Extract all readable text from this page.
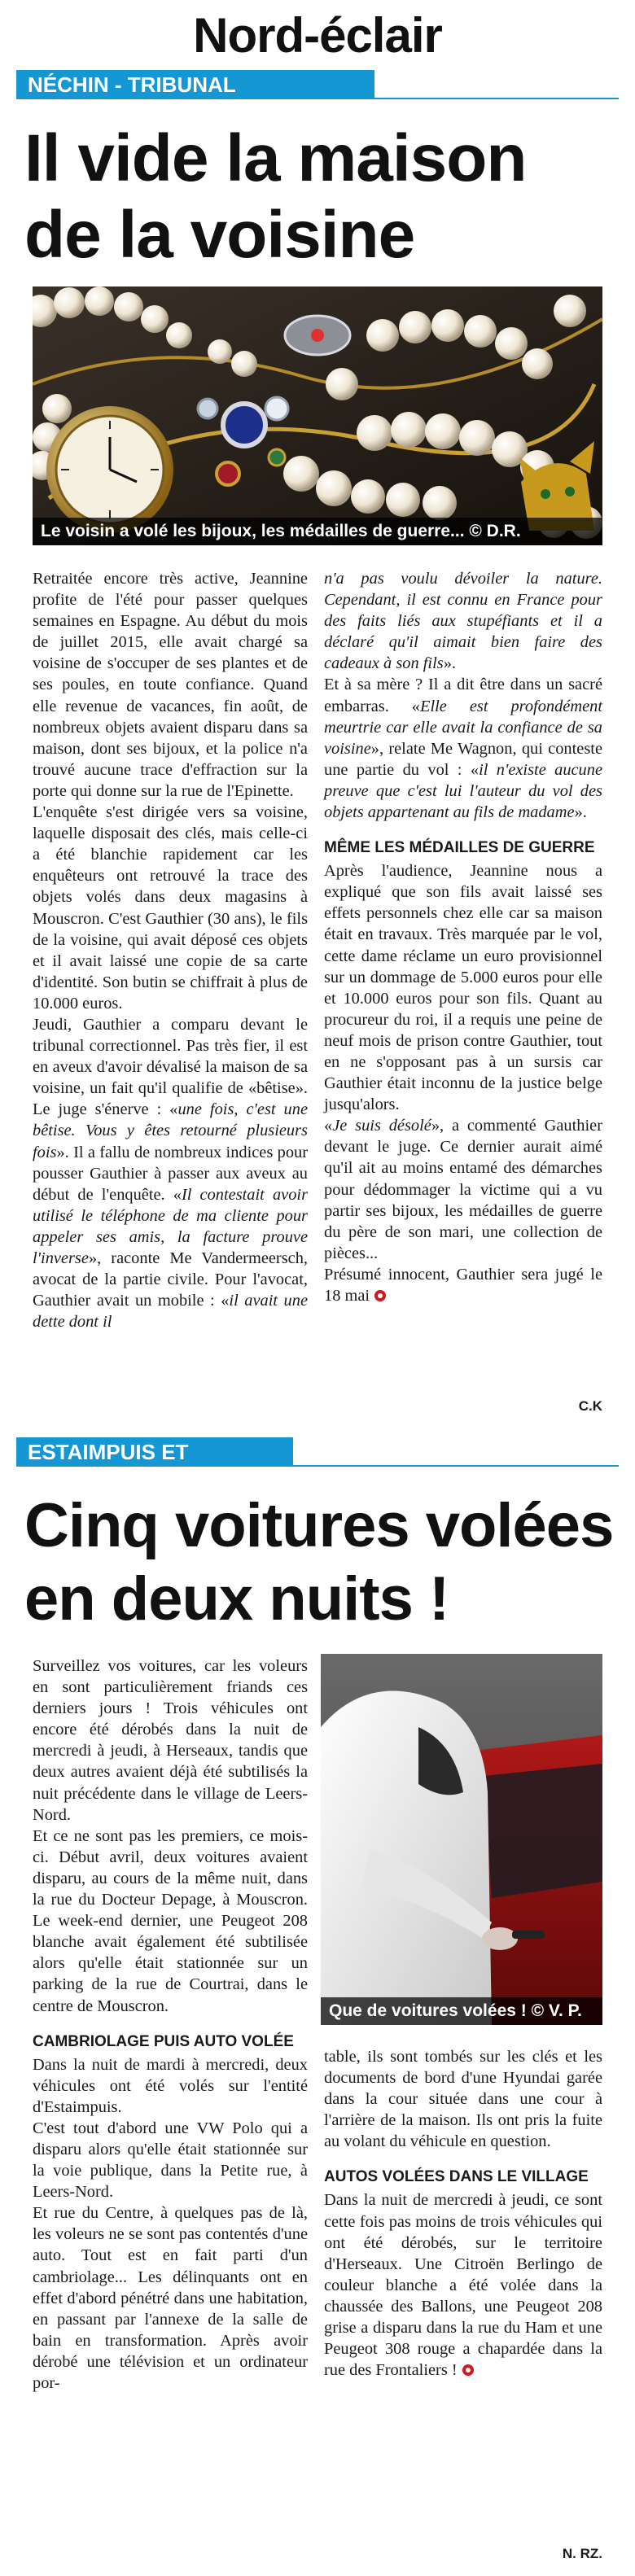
Nord-éclair
NÉCHIN - TRIBUNAL CORRECTIONNEL
Il vide la maison
de la voisine
Le voisin a volé les bijoux, les médailles de guerre... © D.R.

Retraitée encore très active, Jeannine profite de l'été pour passer quelques semaines en Espagne. Au début du mois de juillet 2015, elle avait chargé sa voisine de s'occuper de ses plantes et de ses poules, en toute confiance. Quand elle revenue de vacances, fin août, de nombreux objets avaient disparu dans sa maison, dont ses bijoux, et la police n'a trouvé aucune trace d'effraction sur la porte qui donne sur la rue de l'Epinette.

L'enquête s'est dirigée vers sa voisine, laquelle disposait des clés, mais celle-ci a été blanchie rapidement car les enquêteurs ont retrouvé la trace des objets volés dans deux magasins à Mouscron. C'est Gauthier (30 ans), le fils de la voisine, qui avait déposé ces objets et il avait laissé une copie de sa carte d'identité. Son butin se chiffrait à plus de 10.000 euros.

Jeudi, Gauthier a comparu devant le tribunal correctionnel. Pas très fier, il est en aveux d'avoir dévalisé la maison de sa voisine, un fait qu'il qualifie de «bêtise». Le juge s'énerve : «une fois, c'est une bêtise. Vous y êtes retourné plusieurs fois». Il a fallu de nombreux indices pour pousser Gauthier à passer aux aveux au début de l'enquête. «Il contestait avoir utilisé le téléphone de ma cliente pour appeler ses amis, la facture prouve l'inverse», raconte Me Vandermeersch, avocat de la partie civile. Pour l'avocat, Gauthier avait un mobile : «il avait une dette dont il

n'a pas voulu dévoiler la nature. Cependant, il est connu en France pour des faits liés aux stupéfiants et il a déclaré qu'il aimait bien faire des cadeaux à son fils».

Et à sa mère ? Il a dit être dans un sacré embarras. «Elle est profondément meurtrie car elle avait la confiance de sa voisine», relate Me Wagnon, qui conteste une partie du vol : «il n'existe aucune preuve que c'est lui l'auteur du vol des objets appartenant au fils de madame».

MÊME LES MÉDAILLES DE GUERRE

Après l'audience, Jeannine nous a expliqué que son fils avait laissé ses effets personnels chez elle car sa maison était en travaux. Très marquée par le vol, cette dame réclame un euro provisionnel sur un dommage de 5.000 euros pour elle et 10.000 euros pour son fils. Quant au procureur du roi, il a requis une peine de neuf mois de prison contre Gauthier, tout en ne s'opposant pas à un sursis car Gauthier était inconnu de la justice belge jusqu'alors.

«Je suis désolé», a commenté Gauthier devant le juge. Ce dernier aurait aimé qu'il ait au moins entamé des démarches pour dédommager la victime qui a vu partir ses bijoux, les médailles de guerre du père de son mari, une collection de pièces...

Présumé innocent, Gauthier sera jugé le 18 mai

C.K
ESTAIMPUIS ET HERSEAUX
Cinq voitures volées
en deux nuits !
Que de voitures volées ! © V. P.

Surveillez vos voitures, car les voleurs en sont particulièrement friands ces derniers jours ! Trois véhicules ont encore été dérobés dans la nuit de mercredi à jeudi, à Herseaux, tandis que deux autres avaient déjà été subtilisés la nuit précédente dans le village de Leers-Nord.

Et ce ne sont pas les premiers, ce mois-ci. Début avril, deux voitures avaient disparu, au cours de la même nuit, dans la rue du Docteur Depage, à Mouscron. Le week-end dernier, une Peugeot 208 blanche avait également été subtilisée alors qu'elle était stationnée sur un parking de la rue de Courtrai, dans le centre de Mouscron.

CAMBRIOLAGE PUIS AUTO VOLÉE

Dans la nuit de mardi à mercredi, deux véhicules ont été volés sur l'entité d'Estaimpuis.

C'est tout d'abord une VW Polo qui a disparu alors qu'elle était stationnée sur la voie publique, dans la Petite rue, à Leers-Nord.

Et rue du Centre, à quelques pas de là, les voleurs ne se sont pas contentés d'une auto. Tout est en fait parti d'un cambriolage... Les délinquants ont en effet d'abord pénétré dans une habitation, en passant par l'annexe de la salle de bain en transformation. Après avoir dérobé une télévision et un ordinateur por-

table, ils sont tombés sur les clés et les documents de bord d'une Hyundai garée dans la cour située dans une cour à l'arrière de la maison. Ils ont pris la fuite au volant du véhicule en question.

AUTOS VOLÉES DANS LE VILLAGE

Dans la nuit de mercredi à jeudi, ce sont cette fois pas moins de trois véhicules qui ont été dérobés, sur le territoire d'Herseaux. Une Citroën Berlingo de couleur blanche a été volée dans la chaussée des Ballons, une Peugeot 208 grise a disparu dans la rue du Ham et une Peugeot 308 rouge a chapardée dans la rue des Frontaliers !

N. RZ.
